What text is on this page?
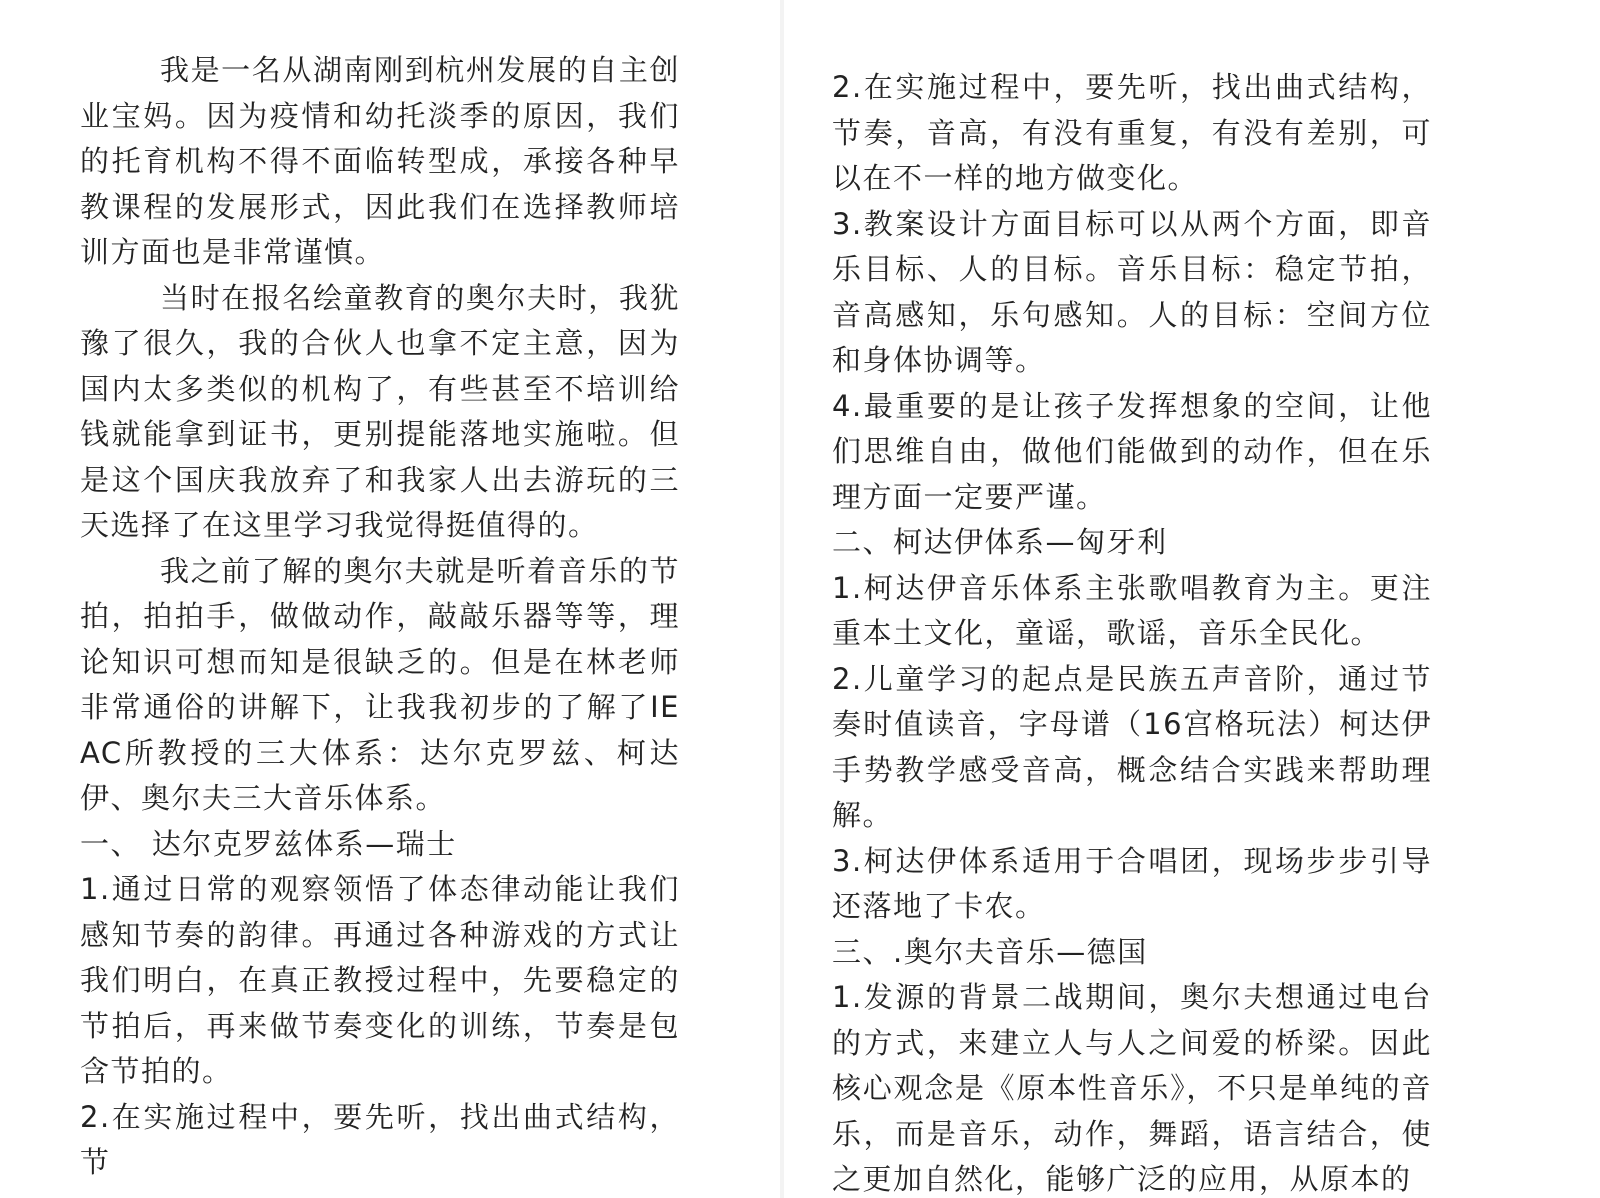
我是一名从湖南刚到杭州发展的自主创业宝妈。因为疫情和幼托淡季的原因，我们的托育机构不得不面临转型成，承接各种早教课程的发展形式，因此我们在选择教师培训方面也是非常谨慎。

当时在报名绘童教育的奥尔夫时，我犹豫了很久，我的合伙人也拿不定主意，因为国内太多类似的机构了，有些甚至不培训给钱就能拿到证书，更别提能落地实施啦。但是这个国庆我放弃了和我家人出去游玩的三天选择了在这里学习我觉得挺值得的。

我之前了解的奥尔夫就是听着音乐的节拍，拍拍手，做做动作，敲敲乐器等等，理论知识可想而知是很缺乏的。但是在林老师非常通俗的讲解下，让我我初步的了解了IEAC所教授的三大体系：达尔克罗兹、柯达伊、奥尔夫三大音乐体系。

一、 达尔克罗兹体系—瑞士

1.通过日常的观察领悟了体态律动能让我们感知节奏的韵律。再通过各种游戏的方式让我们明白，在真正教授过程中，先要稳定的节拍后，再来做节奏变化的训练，节奏是包含节拍的。

2.在实施过程中，要先听，找出曲式结构，节

2.在实施过程中，要先听，找出曲式结构，节奏，音高，有没有重复，有没有差别，可以在不一样的地方做变化。

3.教案设计方面目标可以从两个方面，即音乐目标、人的目标。音乐目标：稳定节拍，音高感知，乐句感知。人的目标：空间方位和身体协调等。

4.最重要的是让孩子发挥想象的空间，让他们思维自由，做他们能做到的动作，但在乐理方面一定要严谨。

二、柯达伊体系—匈牙利

1.柯达伊音乐体系主张歌唱教育为主。更注重本土文化，童谣，歌谣，音乐全民化。

2.儿童学习的起点是民族五声音阶，通过节奏时值读音，字母谱（16宫格玩法）柯达伊手势教学感受音高，概念结合实践来帮助理解。

3.柯达伊体系适用于合唱团，现场步步引导还落地了卡农。

三、.奥尔夫音乐—德国

1.发源的背景二战期间，奥尔夫想通过电台的方式，来建立人与人之间爱的桥梁。因此核心观念是《原本性音乐》，不只是单纯的音乐，而是音乐，动作，舞蹈，语言结合，使之更加自然化，能够广泛的应用，从原本的
